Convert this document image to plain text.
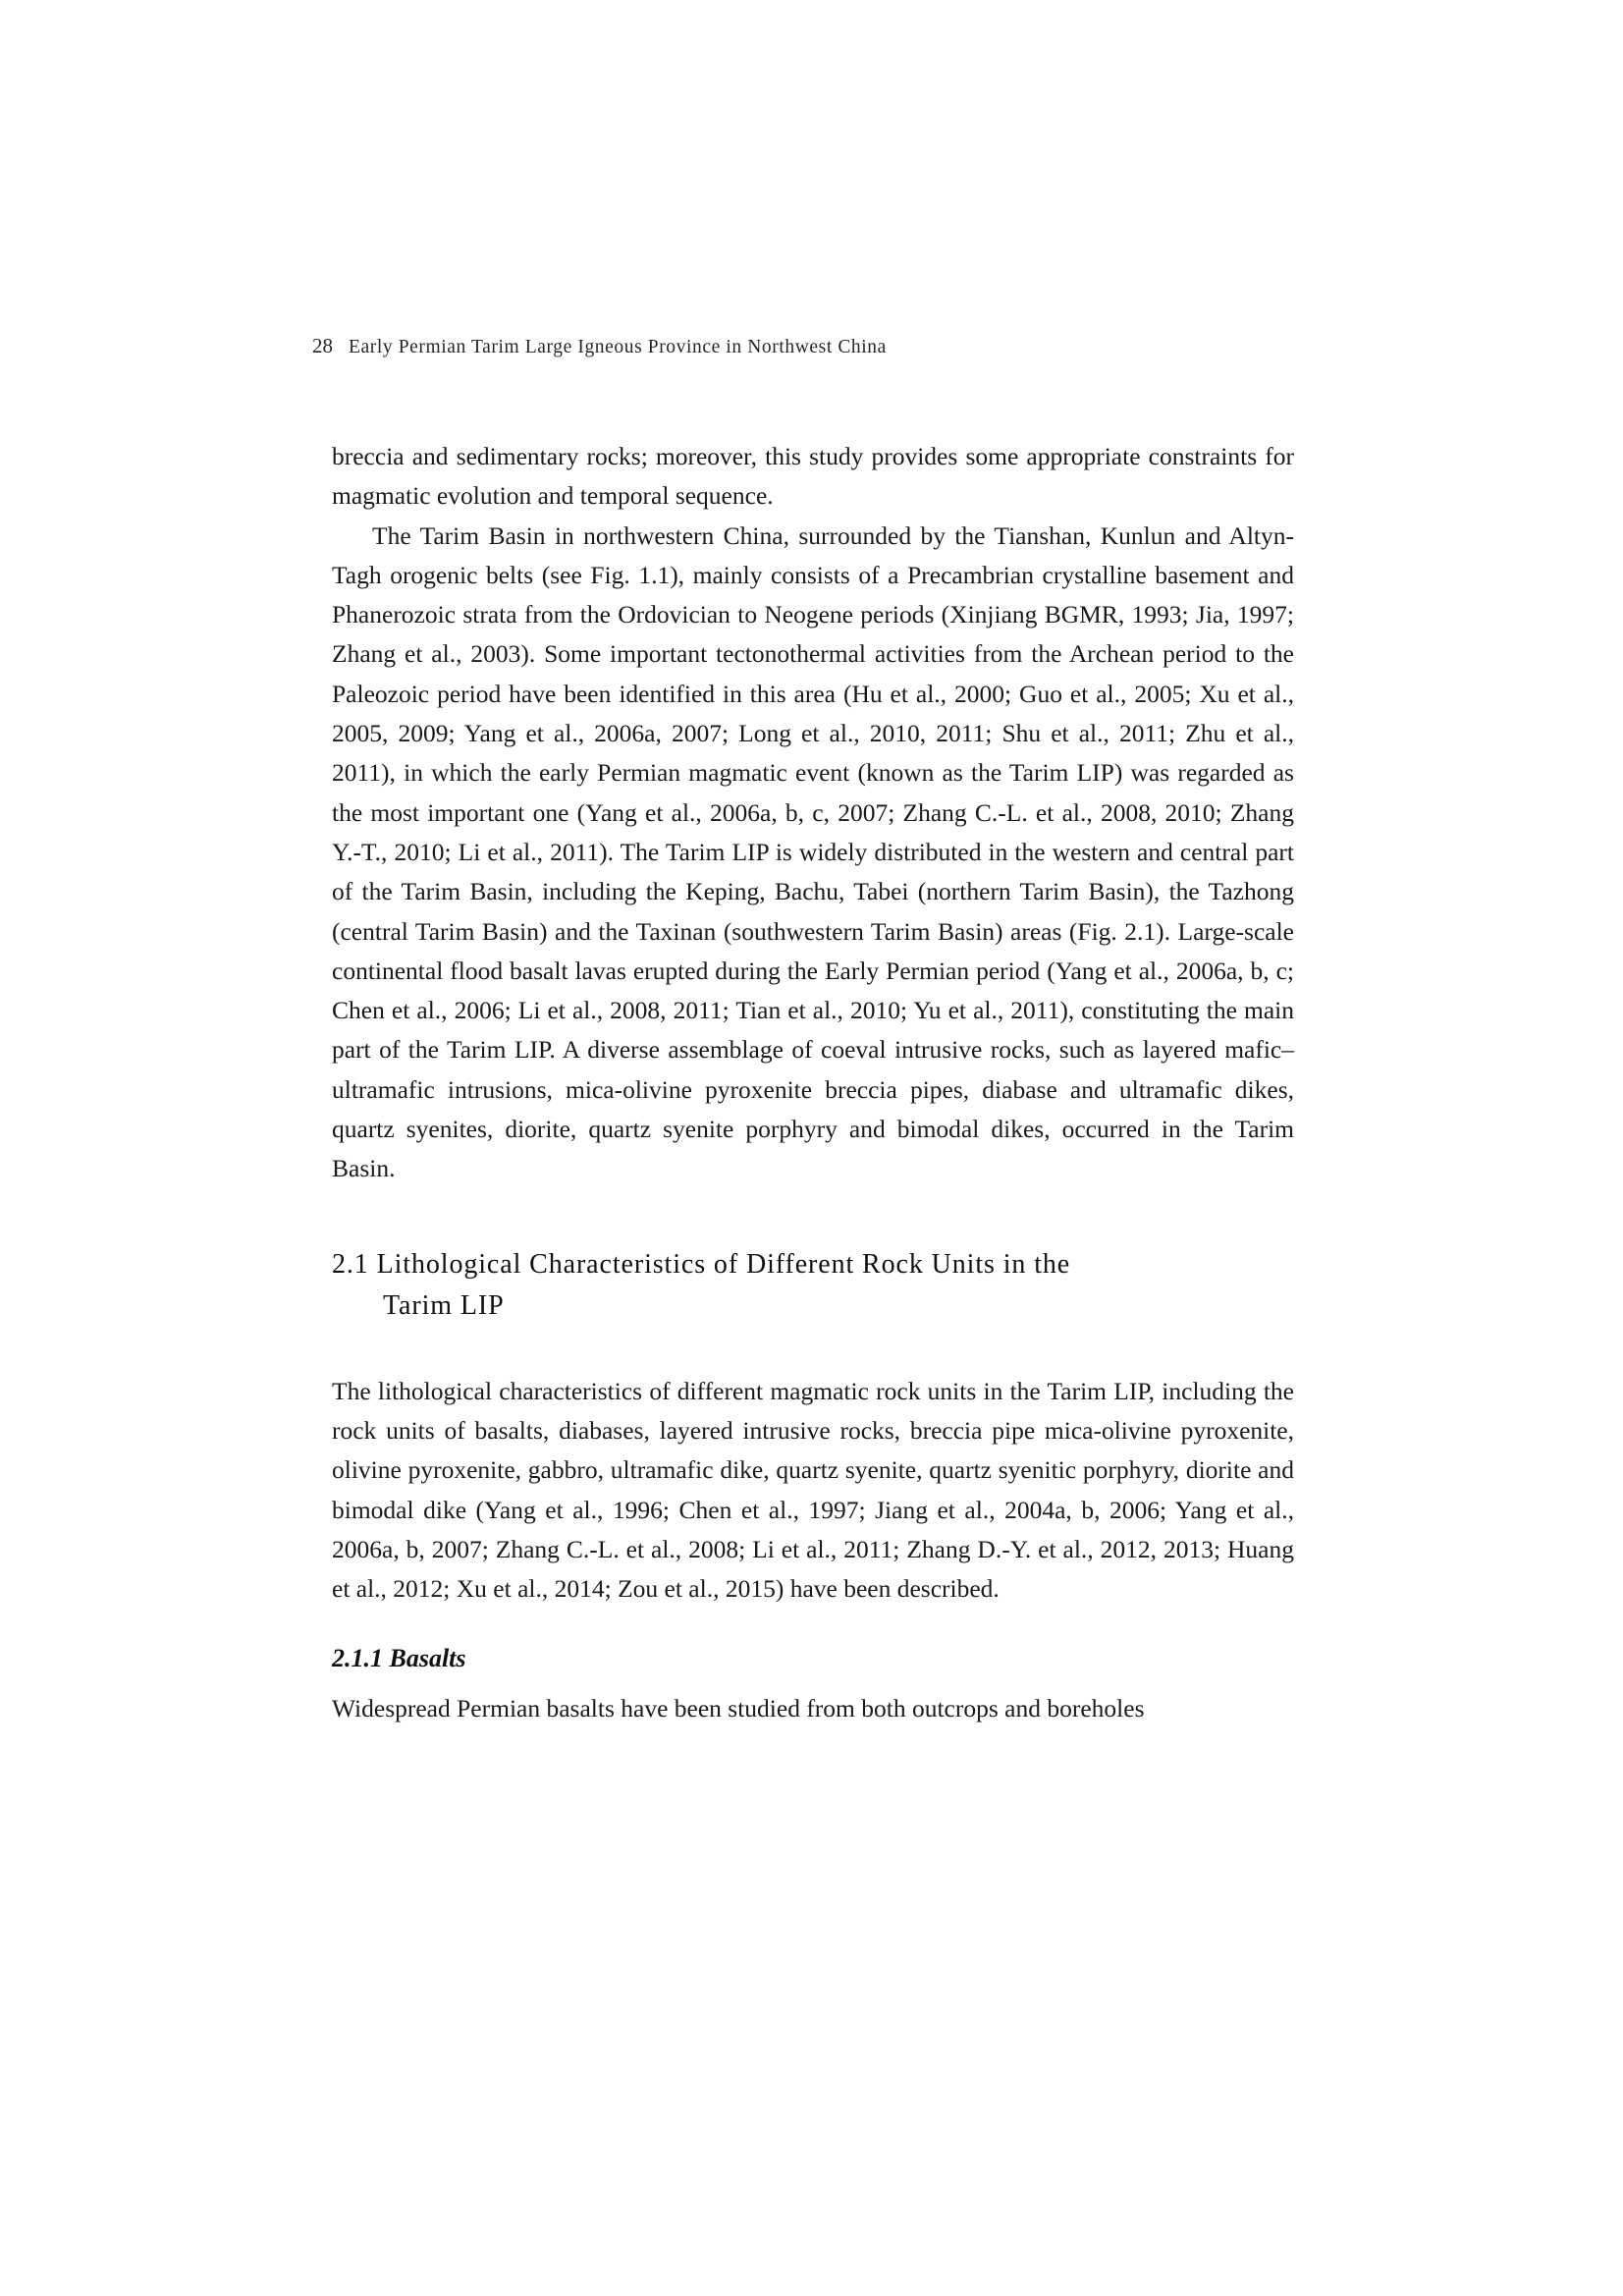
28 Early Permian Tarim Large Igneous Province in Northwest China

breccia and sedimentary rocks; moreover, this study provides some appropriate constraints for magmatic evolution and temporal sequence.

The Tarim Basin in northwestern China, surrounded by the Tianshan, Kunlun and Altyn-Tagh orogenic belts (see Fig. 1.1), mainly consists of a Precambrian crystalline basement and Phanerozoic strata from the Ordovician to Neogene periods (Xinjiang BGMR, 1993; Jia, 1997; Zhang et al., 2003). Some important tectonothermal activities from the Archean period to the Paleozoic period have been identified in this area (Hu et al., 2000; Guo et al., 2005; Xu et al., 2005, 2009; Yang et al., 2006a, 2007; Long et al., 2010, 2011; Shu et al., 2011; Zhu et al., 2011), in which the early Permian magmatic event (known as the Tarim LIP) was regarded as the most important one (Yang et al., 2006a, b, c, 2007; Zhang C.-L. et al., 2008, 2010; Zhang Y.-T., 2010; Li et al., 2011). The Tarim LIP is widely distributed in the western and central part of the Tarim Basin, including the Keping, Bachu, Tabei (northern Tarim Basin), the Tazhong (central Tarim Basin) and the Taxinan (southwestern Tarim Basin) areas (Fig. 2.1). Large-scale continental flood basalt lavas erupted during the Early Permian period (Yang et al., 2006a, b, c; Chen et al., 2006; Li et al., 2008, 2011; Tian et al., 2010; Yu et al., 2011), constituting the main part of the Tarim LIP. A diverse assemblage of coeval intrusive rocks, such as layered mafic–ultramafic intrusions, mica-olivine pyroxenite breccia pipes, diabase and ultramafic dikes, quartz syenites, diorite, quartz syenite porphyry and bimodal dikes, occurred in the Tarim Basin.

2.1 Lithological Characteristics of Different Rock Units in the
Tarim LIP

The lithological characteristics of different magmatic rock units in the Tarim LIP, including the rock units of basalts, diabases, layered intrusive rocks, breccia pipe mica-olivine pyroxenite, olivine pyroxenite, gabbro, ultramafic dike, quartz syenite, quartz syenitic porphyry, diorite and bimodal dike (Yang et al., 1996; Chen et al., 1997; Jiang et al., 2004a, b, 2006; Yang et al., 2006a, b, 2007; Zhang C.-L. et al., 2008; Li et al., 2011; Zhang D.-Y. et al., 2012, 2013; Huang et al., 2012; Xu et al., 2014; Zou et al., 2015) have been described.

2.1.1 Basalts

Widespread Permian basalts have been studied from both outcrops and boreholes
